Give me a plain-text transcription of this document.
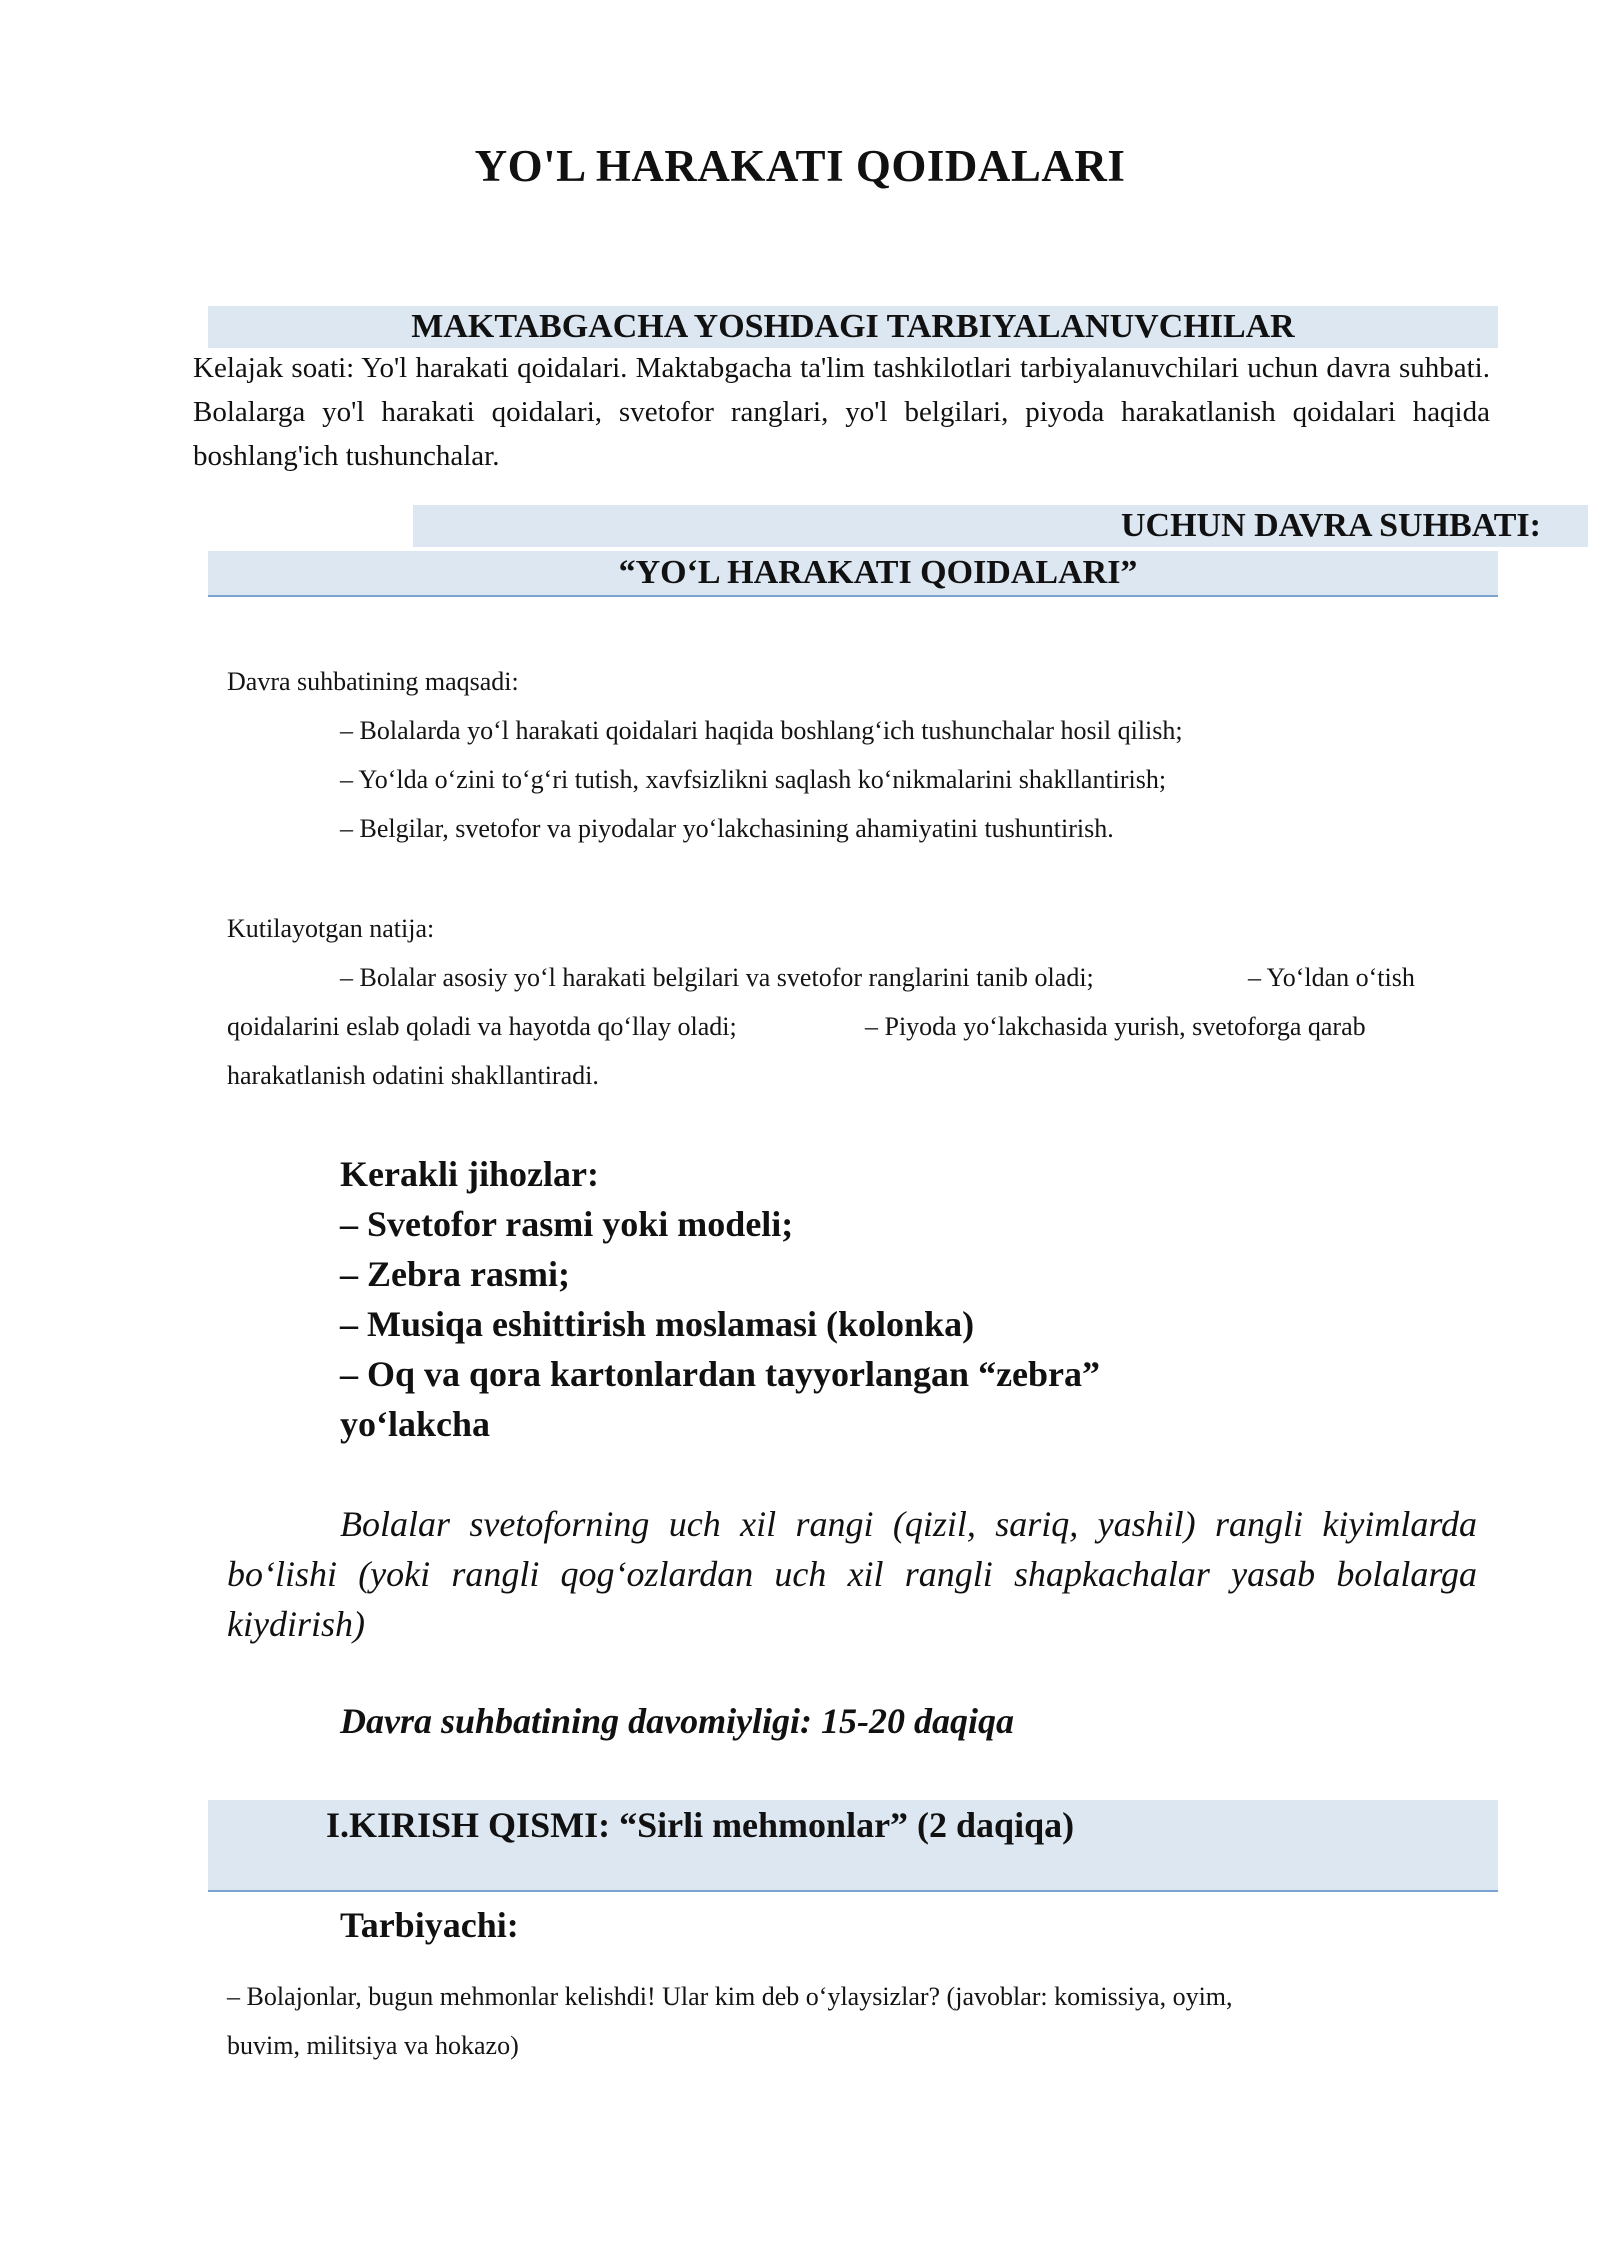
YO'L HARAKATI QOIDALARI
MAKTABGACHA YOSHDAGI TARBIYALANUVCHILAR
Kelajak soati: Yo'l harakati qoidalari. Maktabgacha ta'lim tashkilotlari tarbiyalanuvchilari uchun davra suhbati. Bolalarga yo'l harakati qoidalari, svetofor ranglari, yo'l belgilari, piyoda harakatlanish qoidalari haqida boshlang'ich tushunchalar.
UCHUN DAVRA SUHBATI:
“YO‘L HARAKATI QOIDALARI”
Davra suhbatining maqsadi:
– Bolalarda yo‘l harakati qoidalari haqida boshlang‘ich tushunchalar hosil qilish;
– Yo‘lda o‘zini to‘g‘ri tutish, xavfsizlikni saqlash ko‘nikmalarini shakllantirish;
– Belgilar, svetofor va piyodalar yo‘lakchasining ahamiyatini tushuntirish.
Kutilayotgan natija:
– Bolalar asosiy yo‘l harakati belgilari va svetofor ranglarini tanib oladi;	– Yo‘ldan o‘tish
qoidalarini eslab qoladi va hayotda qo‘llay oladi;	– Piyoda yo‘lakchasida yurish, svetoforga qarab
harakatlanish odatini shakllantiradi.
Kerakli jihozlar:
– Svetofor rasmi yoki modeli;
– Zebra rasmi;
– Musiqa eshittirish moslamasi (kolonka)
– Oq va qora kartonlardan tayyorlangan “zebra”
yo‘lakcha
Bolalar svetoforning uch xil rangi (qizil, sariq, yashil) rangli kiyimlarda bo‘lishi (yoki rangli qog‘ozlardan uch xil rangli shapkachalar yasab bolalarga kiydirish)
Davra suhbatining davomiyligi: 15-20 daqiqa
I.KIRISH QISMI: “Sirli mehmonlar” (2 daqiqa)
Tarbiyachi:
– Bolajonlar, bugun mehmonlar kelishdi! Ular kim deb o‘ylaysizlar? (javoblar: komissiya, oyim,
buvim, militsiya va hokazo)
